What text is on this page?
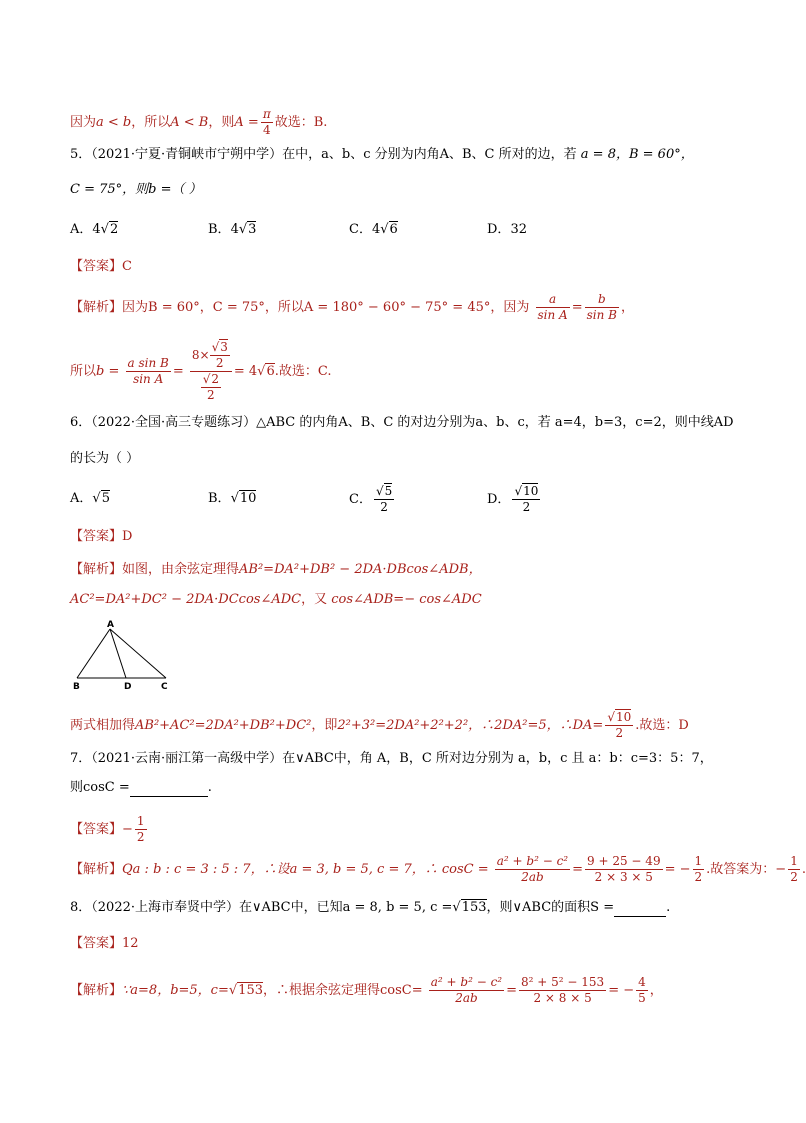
因为a < b，所以A < B，则$A = \frac{\pi}{4}$ 故选：B.
5．（2021·宁夏·青铜峡市宁朔中学）在中，a、b、c 分别为内角A、B、C 所对的边，若 a = 8，B = 60°，
C = 75°，则b =（ ）
A．4√2	B．4√3	C．4√6	D．32
【答案】C
【解析】因为B = 60°，C = 75°，所以A = 180° − 60° − 75° = 45°，因为 $\frac{a}{\text{sin A}} = \frac{b}{\text{sin B}}$ ，
所以$b = \frac{\text{a sin B}}{\text{sin A}} = \frac{8\times \frac{√3}{2}}{\frac{√2}{2}} = 4√6$.故选：C.
6．（2022·全国·高三专题练习）△ABC 的内角A、B、C 的对边分别为a、b、c，若 a=4，b=3，c=2，则中线AD
的长为（ ）
A．√5	B．√10	C． $\frac{√5}{2}$	D． $\frac{√10}{2}$
【答案】D
【解析】如图，由余弦定理得AB²=DA²+DB² − 2DA·DBcos∠ADB，
AC²=DA²+DC² − 2DA·DCcos∠ADC，又 cos∠ADB=− cos∠ADC
A
B	D	C
两式相加得AB²+AC²=2DA²+DB²+DC²，即2²+3²=2DA²+2²+2²，∴2DA²=5，∴DA= $\frac{√10}{2}$ .故选：D
7．（2021·云南·丽江第一高级中学）在∨ABC中，角 A，B，C 所对边分别为 a，b，c 且 a：b：c=3：5：7，
则cosC =	.
【答案】− $\frac{1}{2}$
【解析】Qa : b : c = 3 : 5 : 7，∴设a = 3, b = 5, c = 7，∴ $\cos C = \frac{\text{a² + b² − c²}}{2ab} = \frac{9 + 25 - 49}{2 \times 3 \times 5}$ = − $\frac{1}{2}$ .故答案为：− $\frac{1}{2}$ .
8．（2022·上海市奉贤中学）在∨ABC中，已知a = 8, b = 5, c =√153，则∨ABC的面积S =	.
【答案】12
【解析】∵a=8，b=5，c=√153，∴根据余弦定理得$\cos C= \frac{\text{a² + b² − c²}}{2ab} = \frac{\text{8² + 5² − 153}}{2 \times 8 \times 5}$ = − $\frac{4}{5}$ ，
